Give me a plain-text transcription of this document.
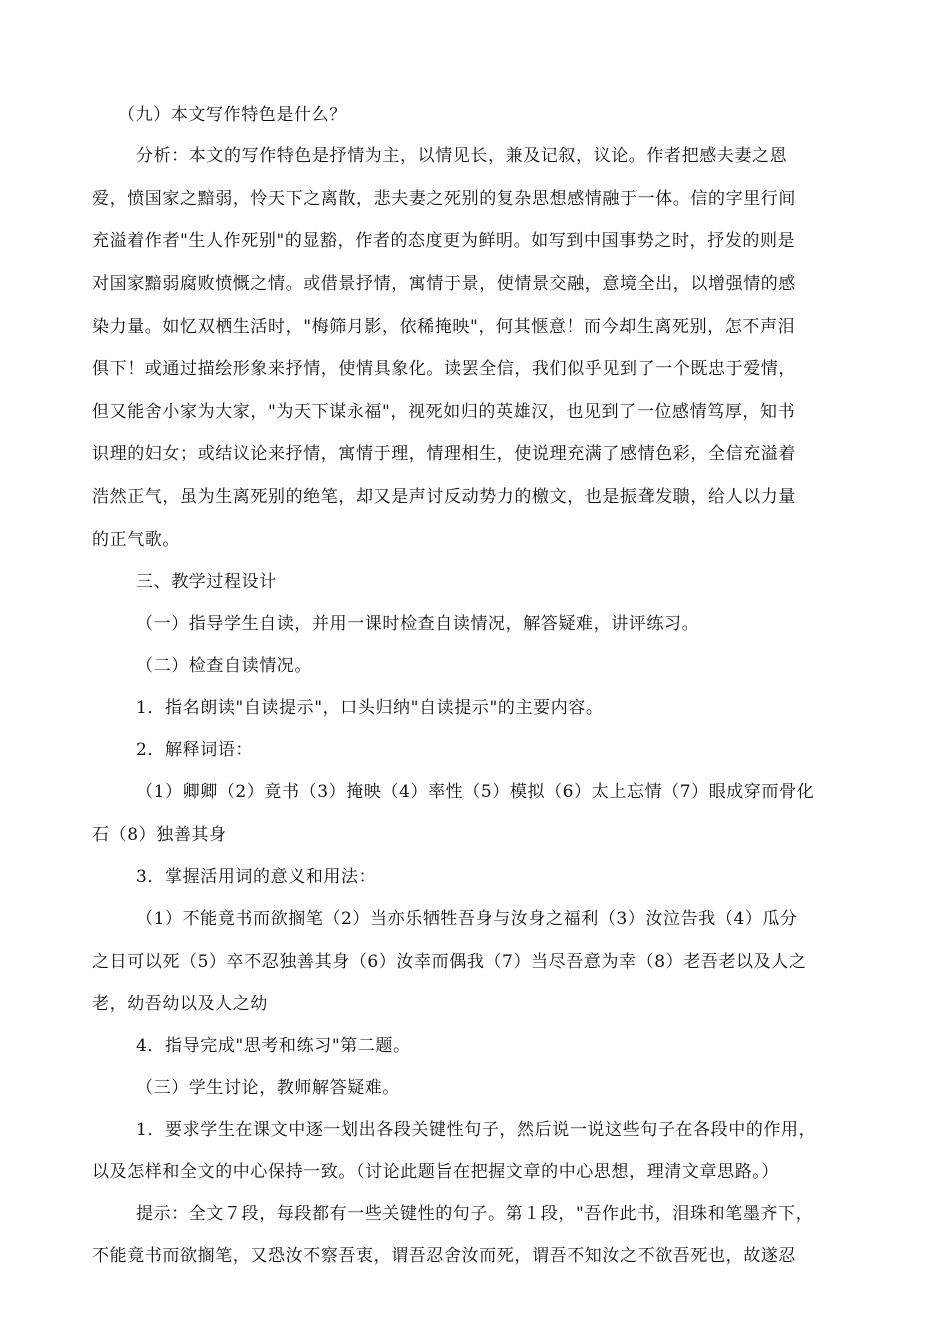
（九）本文写作特色是什么？
分析：本文的写作特色是抒情为主，以情见长，兼及记叙，议论。作者把感夫妻之恩
爱，愤国家之黯弱，怜天下之离散，悲夫妻之死别的复杂思想感情融于一体。信的字里行间
充溢着作者"生人作死别"的显豁，作者的态度更为鲜明。如写到中国事势之时，抒发的则是
对国家黯弱腐败愤慨之情。或借景抒情，寓情于景，使情景交融，意境全出，以增强情的感
染力量。如忆双栖生活时，"梅筛月影，依稀掩映"，何其惬意！而今却生离死别，怎不声泪
俱下！或通过描绘形象来抒情，使情具象化。读罢全信，我们似乎见到了一个既忠于爱情，
但又能舍小家为大家，"为天下谋永福"，视死如归的英雄汉，也见到了一位感情笃厚，知书
识理的妇女；或结议论来抒情，寓情于理，情理相生，使说理充满了感情色彩，全信充溢着
浩然正气，虽为生离死别的绝笔，却又是声讨反动势力的檄文，也是振聋发聩，给人以力量
的正气歌。
三、教学过程设计
（一）指导学生自读，并用一课时检查自读情况，解答疑难，讲评练习。
（二）检查自读情况。
1．指名朗读"自读提示"，口头归纳"自读提示"的主要内容。
2．解释词语：
（1）卿卿（2）竟书（3）掩映（4）率性（5）模拟（6）太上忘情（7）眼成穿而骨化
石（8）独善其身
3．掌握活用词的意义和用法：
（1）不能竟书而欲搁笔（2）当亦乐牺牲吾身与汝身之福利（3）汝泣告我（4）瓜分
之日可以死（5）卒不忍独善其身（6）汝幸而偶我（7）当尽吾意为幸（8）老吾老以及人之
老，幼吾幼以及人之幼
4．指导完成"思考和练习"第二题。
（三）学生讨论，教师解答疑难。
1．要求学生在课文中逐一划出各段关键性句子，然后说一说这些句子在各段中的作用，
以及怎样和全文的中心保持一致。（讨论此题旨在把握文章的中心思想，理清文章思路。）
提示：全文７段，每段都有一些关键性的句子。第１段，"吾作此书，泪珠和笔墨齐下，
不能竟书而欲搁笔，又恐汝不察吾衷，谓吾忍舍汝而死，谓吾不知汝之不欲吾死也，故遂忍
